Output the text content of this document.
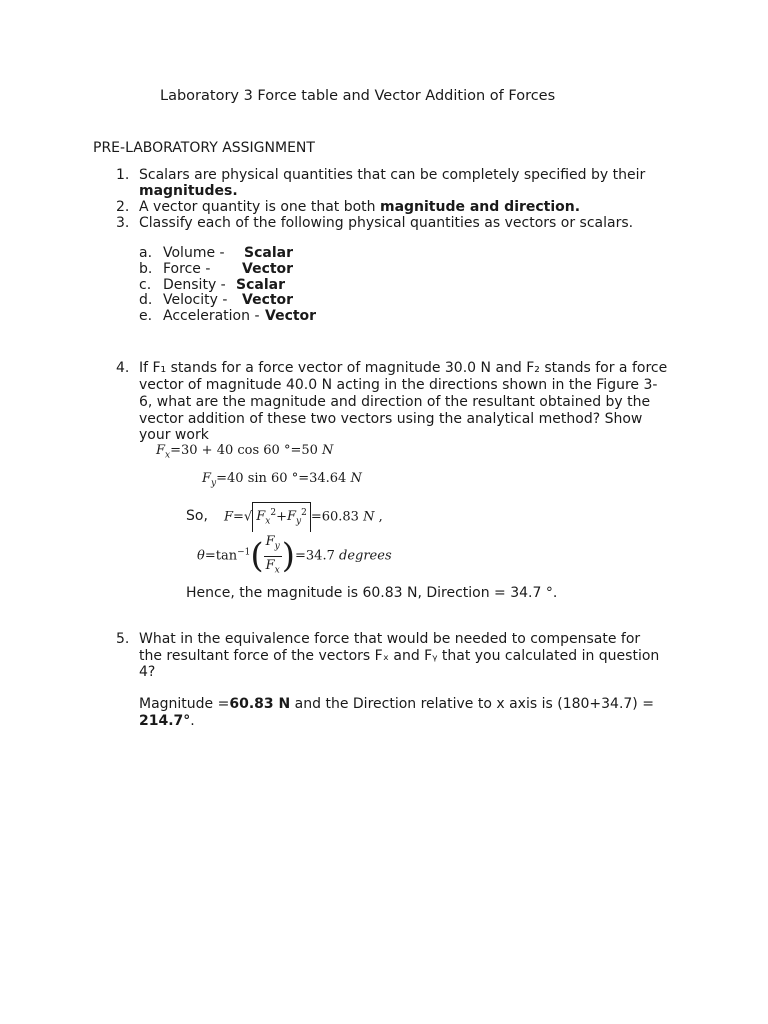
Laboratory 3 Force table and Vector Addition of Forces
PRE-LABORATORY ASSIGNMENT
1. Scalars are physical quantities that can be completely specified by their
magnitudes.
2. A vector quantity is one that both magnitude and direction.
3. Classify each of the following physical quantities as vectors or scalars.
a. Volume - Scalar
b. Force - Vector
c. Density - Scalar
d. Velocity - Vector
e. Acceleration - Vector
4. If F₁ stands for a force vector of magnitude 30.0 N and F₂ stands for a force
vector of magnitude 40.0 N acting in the directions shown in the Figure 3-
6, what are the magnitude and direction of the resultant obtained by the
vector addition of these two vectors using the analytical method? Show
your work
$F_x=30 + 40$ cos 60 °=50 N
$F_y=40$ sin 60 °=34.64 N
So, F=√ $F_x^2+F_y^2 =60.83$ N ,
$\theta=\tan^{-1}( \frac{F_y}{F_x} )=34.7$ degrees
Hence, the magnitude is 60.83 N, Direction = 34.7 °.
5. What in the equivalence force that would be needed to compensate for
the resultant force of the vectors Fₓ and Fᵧ that you calculated in question
4?
Magnitude =60.83 N and the Direction relative to x axis is (180+34.7) =
214.7°.
